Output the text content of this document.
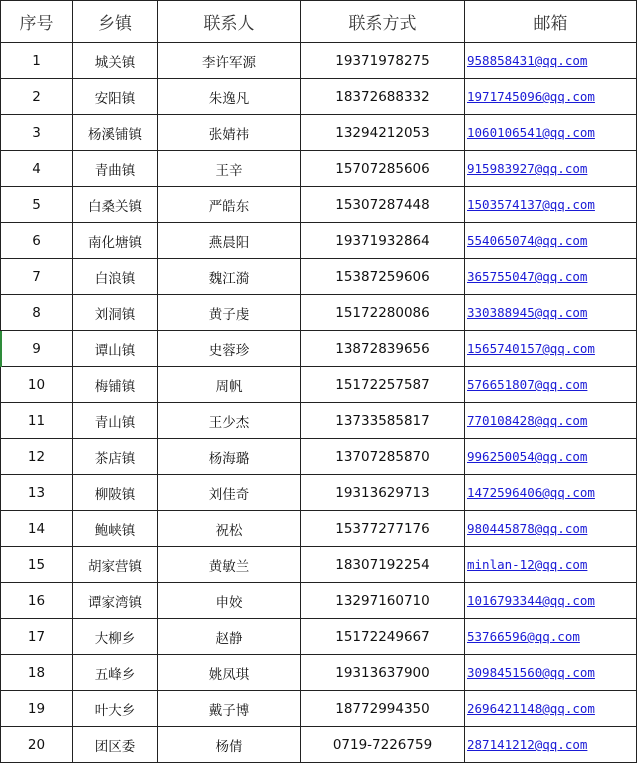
序号	乡镇	联系人	联系方式	邮箱
1	城关镇	李许军源	19371978275	958858431@qq.com
2	安阳镇	朱逸凡	18372688332	1971745096@qq.com
3	杨溪铺镇	张婧祎	13294212053	1060106541@qq.com
4	青曲镇	王辛	15707285606	915983927@qq.com
5	白桑关镇	严皓东	15307287448	1503574137@qq.com
6	南化塘镇	燕晨阳	19371932864	554065074@qq.com
7	白浪镇	魏江漪	15387259606	365755047@qq.com
8	刘洞镇	黄子虔	15172280086	330388945@qq.com
9	谭山镇	史蓉珍	13872839656	1565740157@qq.com
10	梅铺镇	周帆	15172257587	576651807@qq.com
11	青山镇	王少杰	13733585817	770108428@qq.com
12	茶店镇	杨海璐	13707285870	996250054@qq.com
13	柳陂镇	刘佳奇	19313629713	1472596406@qq.com
14	鲍峡镇	祝松	15377277176	980445878@qq.com
15	胡家营镇	黄敏兰	18307192254	minlan-12@qq.com
16	谭家湾镇	申姣	13297160710	1016793344@qq.com
17	大柳乡	赵静	15172249667	53766596@qq.com
18	五峰乡	姚凤琪	19313637900	3098451560@qq.com
19	叶大乡	戴子博	18772994350	2696421148@qq.com
20	团区委	杨倩	0719-7226759	287141212@qq.com
